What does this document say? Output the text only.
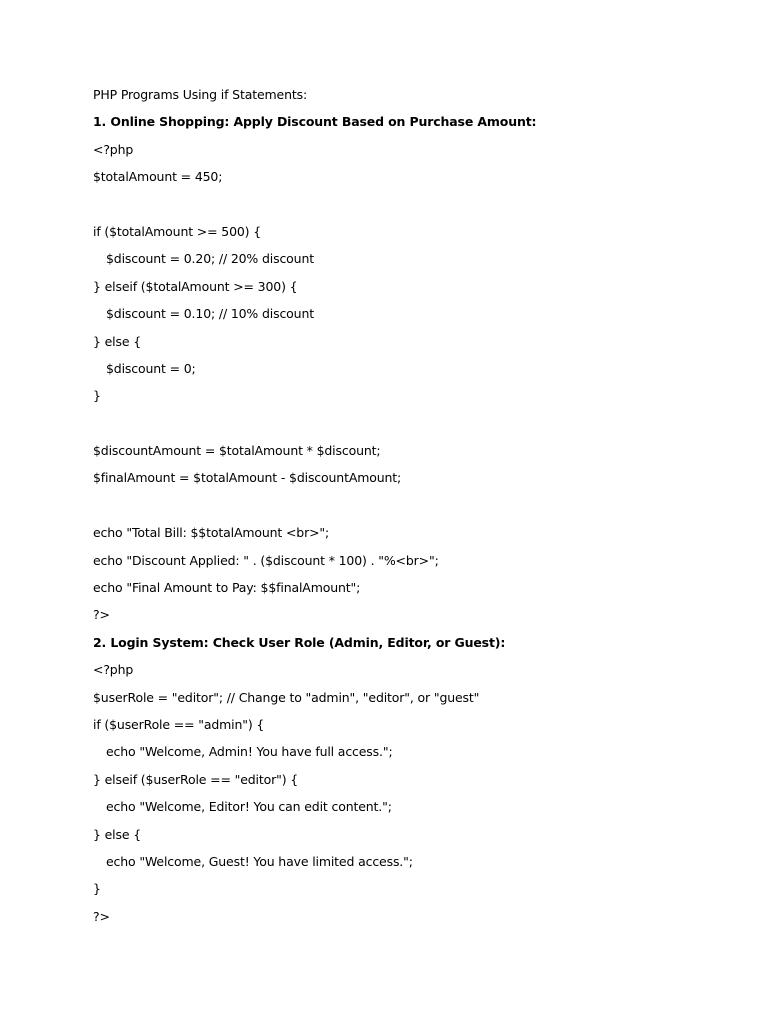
PHP Programs Using if Statements:
1. Online Shopping: Apply Discount Based on Purchase Amount:
<?php
$totalAmount = 450;
if ($totalAmount >= 500) {
$discount = 0.20; // 20% discount
} elseif ($totalAmount >= 300) {
$discount = 0.10; // 10% discount
} else {
$discount = 0;
}
$discountAmount = $totalAmount * $discount;
$finalAmount = $totalAmount - $discountAmount;
echo "Total Bill: $$totalAmount <br>";
echo "Discount Applied: " . ($discount * 100) . "%<br>";
echo "Final Amount to Pay: $$finalAmount";
?>
2. Login System: Check User Role (Admin, Editor, or Guest):
<?php
$userRole = "editor"; // Change to "admin", "editor", or "guest"
if ($userRole == "admin") {
echo "Welcome, Admin! You have full access.";
} elseif ($userRole == "editor") {
echo "Welcome, Editor! You can edit content.";
} else {
echo "Welcome, Guest! You have limited access.";
}
?>
